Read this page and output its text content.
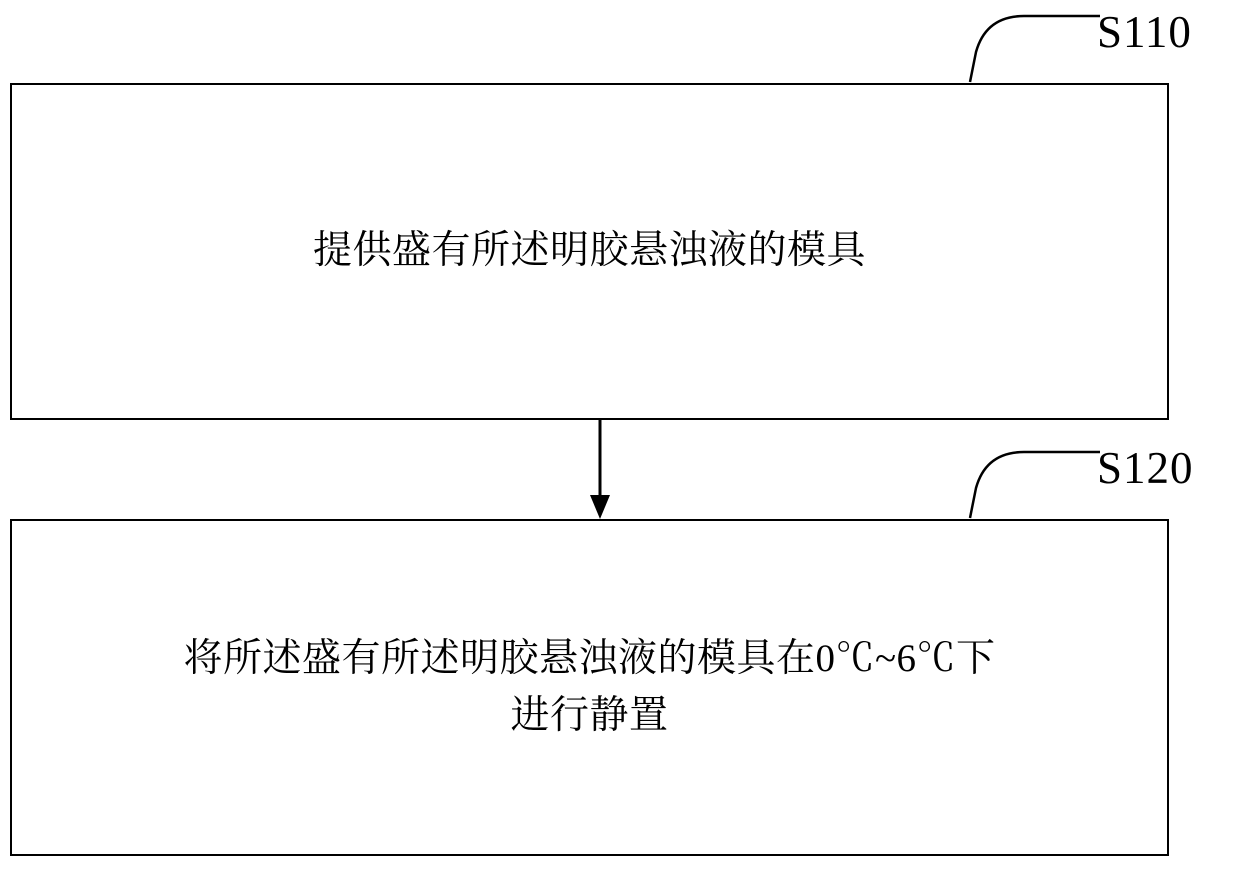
S110
提供盛有所述明胶悬浊液的模具
S120
将所述盛有所述明胶悬浊液的模具在0℃~6℃下
进行静置
